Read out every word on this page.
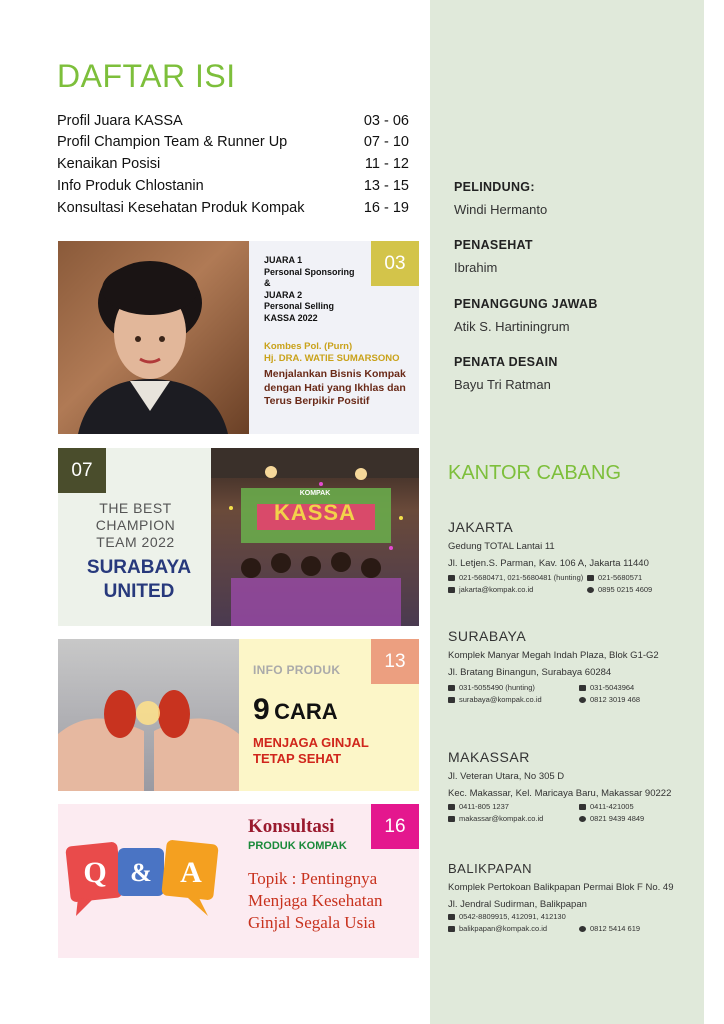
DAFTAR ISI
Profil Juara KASSA	03 - 06
Profil Champion Team & Runner Up	07 - 10
Kenaikan Posisi	11 - 12
Info Produk Chlostanin	13 - 15
Konsultasi Kesehatan Produk Kompak	16 - 19
JUARA 1
Personal Sponsoring
&
JUARA 2
Personal Selling
KASSA 2022
03
Kombes Pol. (Purn)
Hj. DRA. WATIE SUMARSONO
Menjalankan Bisnis Kompak dengan Hati yang Ikhlas dan Terus Berpikir Positif
07
THE BEST
CHAMPION
TEAM 2022
SURABAYA
UNITED
KASSA
KOMPAK
INFO PRODUK	13
9 CARA
MENJAGA GINJAL
TETAP SEHAT
Q & A
Konsultasi
PRODUK KOMPAK
16
Topik : Pentingnya
Menjaga Kesehatan
Ginjal Segala Usia
PELINDUNG:
Windi Hermanto
PENASEHAT
Ibrahim
PENANGGUNG JAWAB
Atik S. Hartiningrum
PENATA DESAIN
Bayu Tri Ratman
KANTOR CABANG
JAKARTA
Gedung TOTAL Lantai 11
Jl. Letjen.S. Parman, Kav. 106 A, Jakarta 11440
021-5680471, 021-5680481 (hunting)	021-5680571
jakarta@kompak.co.id	0895 0215 4609
SURABAYA
Komplek Manyar Megah Indah Plaza, Blok G1-G2
Jl. Bratang Binangun, Surabaya 60284
031-5055490 (hunting)	031-5043964
surabaya@kompak.co.id	0812 3019 468
MAKASSAR
Jl. Veteran Utara, No 305 D
Kec. Makassar, Kel. Maricaya Baru, Makassar 90222
0411-805 1237	0411-421005
makassar@kompak.co.id	0821 9439 4849
BALIKPAPAN
Komplek Pertokoan Balikpapan Permai Blok F No. 49
Jl. Jendral Sudirman, Balikpapan
0542-8809915, 412091, 412130
balikpapan@kompak.co.id	0812 5414 619
